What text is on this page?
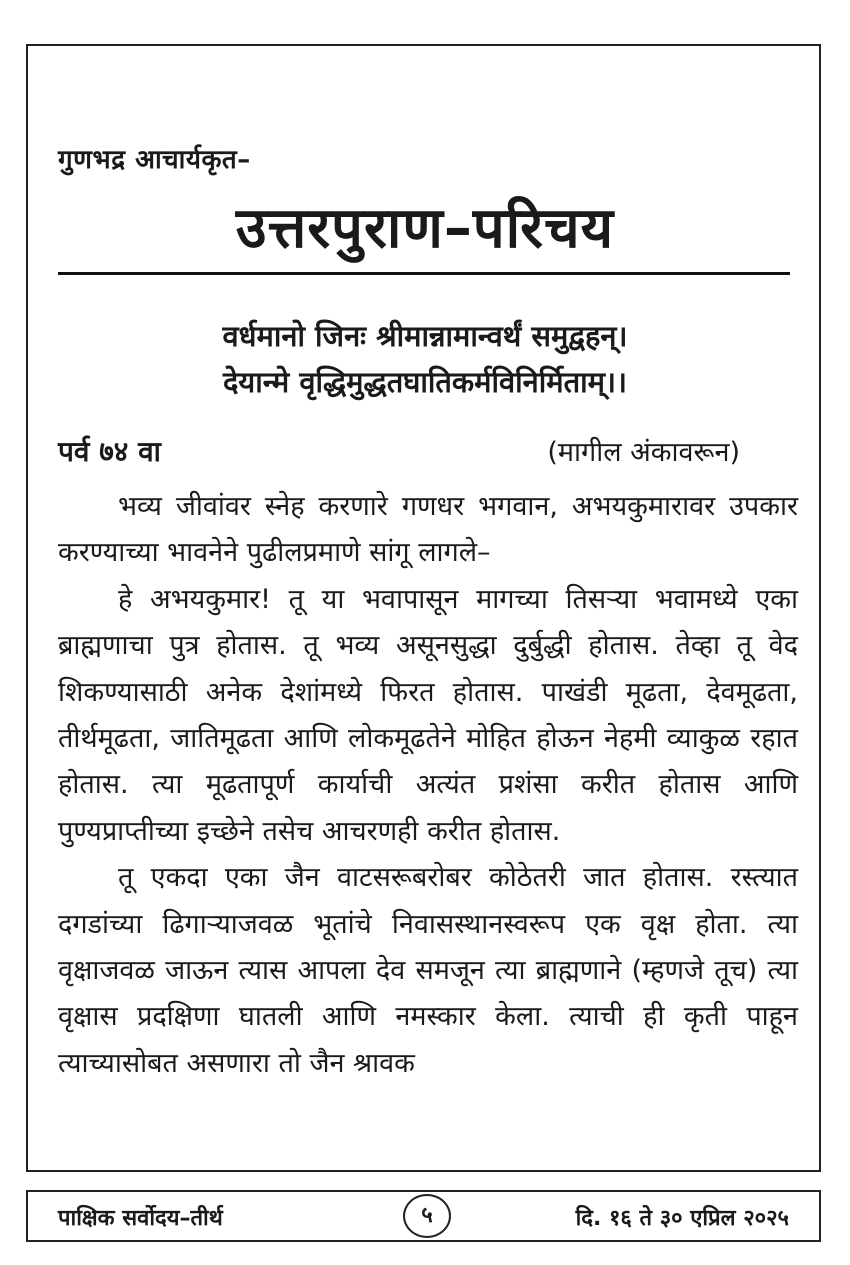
गुणभद्र आचार्यकृत–
उत्तरपुराण–परिचय
वर्धमानो जिनः श्रीमान्नामान्वर्थं समुद्वहन्।
देयान्मे वृद्धिमुद्धतघातिकर्मविनिर्मिताम्।।
पर्व ७४ वा	(मागील अंकावरून)

भव्य जीवांवर स्नेह करणारे गणधर भगवान, अभयकुमारावर उपकार करण्याच्या भावनेने पुढीलप्रमाणे सांगू लागले–

हे अभयकुमार! तू या भवापासून मागच्या तिसऱ्या भवामध्ये एका ब्राह्मणाचा पुत्र होतास. तू भव्य असूनसुद्धा दुर्बुद्धी होतास. तेव्हा तू वेद शिकण्यासाठी अनेक देशांमध्ये फिरत होतास. पाखंडी मूढता, देवमूढता, तीर्थमूढता, जातिमूढता आणि लोकमूढतेने मोहित होऊन नेहमी व्याकुळ रहात होतास. त्या मूढतापूर्ण कार्याची अत्यंत प्रशंसा करीत होतास आणि पुण्यप्राप्तीच्या इच्छेने तसेच आचरणही करीत होतास.

तू एकदा एका जैन वाटसरूबरोबर कोठेतरी जात होतास. रस्त्यात दगडांच्या ढिगाऱ्याजवळ भूतांचे निवासस्थानस्वरूप एक वृक्ष होता. त्या वृक्षाजवळ जाऊन त्यास आपला देव समजून त्या ब्राह्मणाने (म्हणजे तूच) त्या वृक्षास प्रदक्षिणा घातली आणि नमस्कार केला. त्याची ही कृती पाहून त्याच्यासोबत असणारा तो जैन श्रावक

पाक्षिक सर्वोदय–तीर्थ	५	दि. १६ ते ३० एप्रिल २०२५
